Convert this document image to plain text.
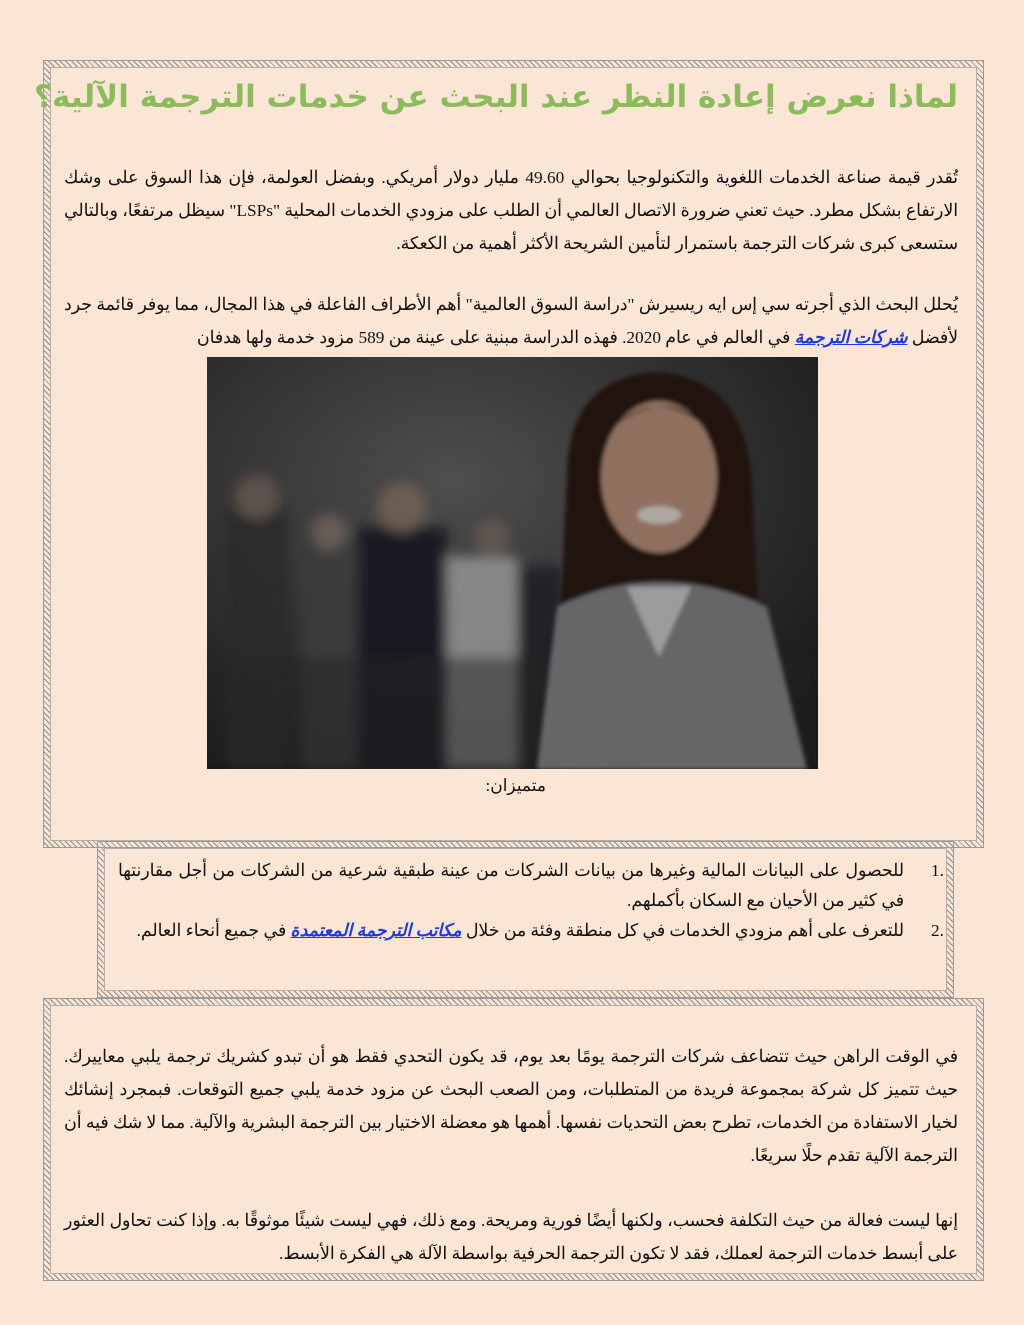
لماذا نعرض إعادة النظر عند البحث عن خدمات الترجمة الآلية؟

تُقدر قيمة صناعة الخدمات اللغوية والتكنولوجيا بحوالي 49.60 مليار دولار أمريكي. وبفضل العولمة، فإن هذا السوق على وشك الارتفاع بشكل مطرد. حيث تعني ضرورة الاتصال العالمي أن الطلب على مزودي الخدمات المحلية "LSPs" سيظل مرتفعًا، وبالتالي ستسعى كبرى شركات الترجمة باستمرار لتأمين الشريحة الأكثر أهمية من الكعكة.

يُحلل البحث الذي أجرته سي إس ايه ريسيرش "دراسة السوق العالمية" أهم الأطراف الفاعلة في هذا المجال، مما يوفر قائمة جرد لأفضل شركات الترجمة في العالم في عام 2020. فهذه الدراسة مبنية على عينة من 589 مزود خدمة ولها هدفان

متميزان:

1.
للحصول على البيانات المالية وغيرها من بيانات الشركات من عينة طبقية شرعية من الشركات من أجل مقارنتها في كثير من الأحيان مع السكان بأكملهم.
2.
للتعرف على أهم مزودي الخدمات في كل منطقة وفئة من خلال مكاتب الترجمة المعتمدة في جميع أنحاء العالم.

في الوقت الراهن حيث تتضاعف شركات الترجمة يومًا بعد يوم، قد يكون التحدي فقط هو أن تبدو كشريك ترجمة يلبي معاييرك. حيث تتميز كل شركة بمجموعة فريدة من المتطلبات، ومن الصعب البحث عن مزود خدمة يلبي جميع التوقعات. فبمجرد إنشائك لخيار الاستفادة من الخدمات، تطرح بعض التحديات نفسها. أهمها هو معضلة الاختيار بين الترجمة البشرية والآلية. مما لا شك فيه أن الترجمة الآلية تقدم حلًا سريعًا.

إنها ليست فعالة من حيث التكلفة فحسب، ولكنها أيضًا فورية ومريحة. ومع ذلك، فهي ليست شيئًا موثوقًا به. وإذا كنت تحاول العثور على أبسط خدمات الترجمة لعملك، فقد لا تكون الترجمة الحرفية بواسطة الآلة هي الفكرة الأبسط.
